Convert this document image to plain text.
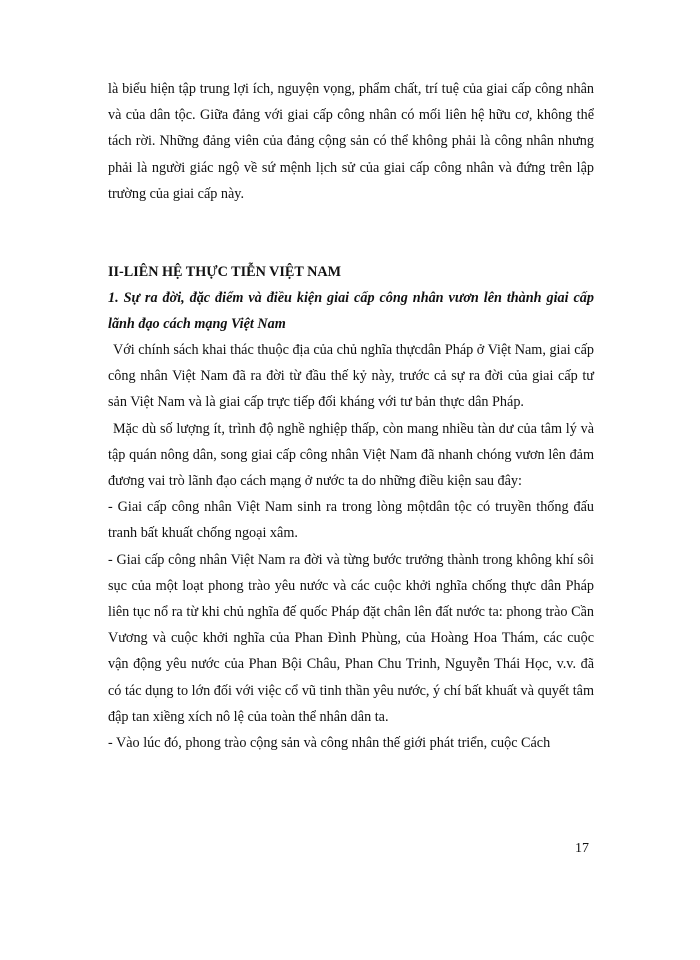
là biểu hiện tập trung lợi ích, nguyện vọng, phẩm chất, trí tuệ của giai cấp công nhân và của dân tộc. Giữa đảng với giai cấp công nhân có mối liên hệ hữu cơ, không thể tách rời. Những đảng viên của đảng cộng sản có thể không phải là công nhân nhưng phải là người giác ngộ về sứ mệnh lịch sử của giai cấp công nhân và đứng trên lập trường của giai cấp này.

II-LIÊN HỆ THỰC TIỄN VIỆT NAM
1. Sự ra đời, đặc điểm và điều kiện giai cấp công nhân vươn lên thành giai cấp lãnh đạo cách mạng Việt Nam

Với chính sách khai thác thuộc địa của chủ nghĩa thựcdân Pháp ở Việt Nam, giai cấp công nhân Việt Nam đã ra đời từ đầu thế kỷ này, trước cả sự ra đời của giai cấp tư sản Việt Nam và là giai cấp trực tiếp đối kháng với tư bản thực dân Pháp.

Mặc dù số lượng ít, trình độ nghề nghiệp thấp, còn mang nhiều tàn dư của tâm lý và tập quán nông dân, song giai cấp công nhân Việt Nam đã nhanh chóng vươn lên đảm đương vai trò lãnh đạo cách mạng ở nước ta do những điều kiện sau đây:

- Giai cấp công nhân Việt Nam sinh ra trong lòng mộtdân tộc có truyền thống đấu tranh bất khuất chống ngoại xâm.

- Giai cấp công nhân Việt Nam ra đời và từng bước trưởng thành trong không khí sôi sục của một loạt phong trào yêu nước và các cuộc khởi nghĩa chống thực dân Pháp liên tục nổ ra từ khi chủ nghĩa đế quốc Pháp đặt chân lên đất nước ta: phong trào Cần Vương và cuộc khởi nghĩa của Phan Đình Phùng, của Hoàng Hoa Thám, các cuộc vận động yêu nước của Phan Bội Châu, Phan Chu Trinh, Nguyễn Thái Học, v.v. đã có tác dụng to lớn đối với việc cổ vũ tinh thần yêu nước, ý chí bất khuất và quyết tâm đập tan xiềng xích nô lệ của toàn thể nhân dân ta.

- Vào lúc đó, phong trào cộng sản và công nhân thế giới phát triển, cuộc Cách

17
